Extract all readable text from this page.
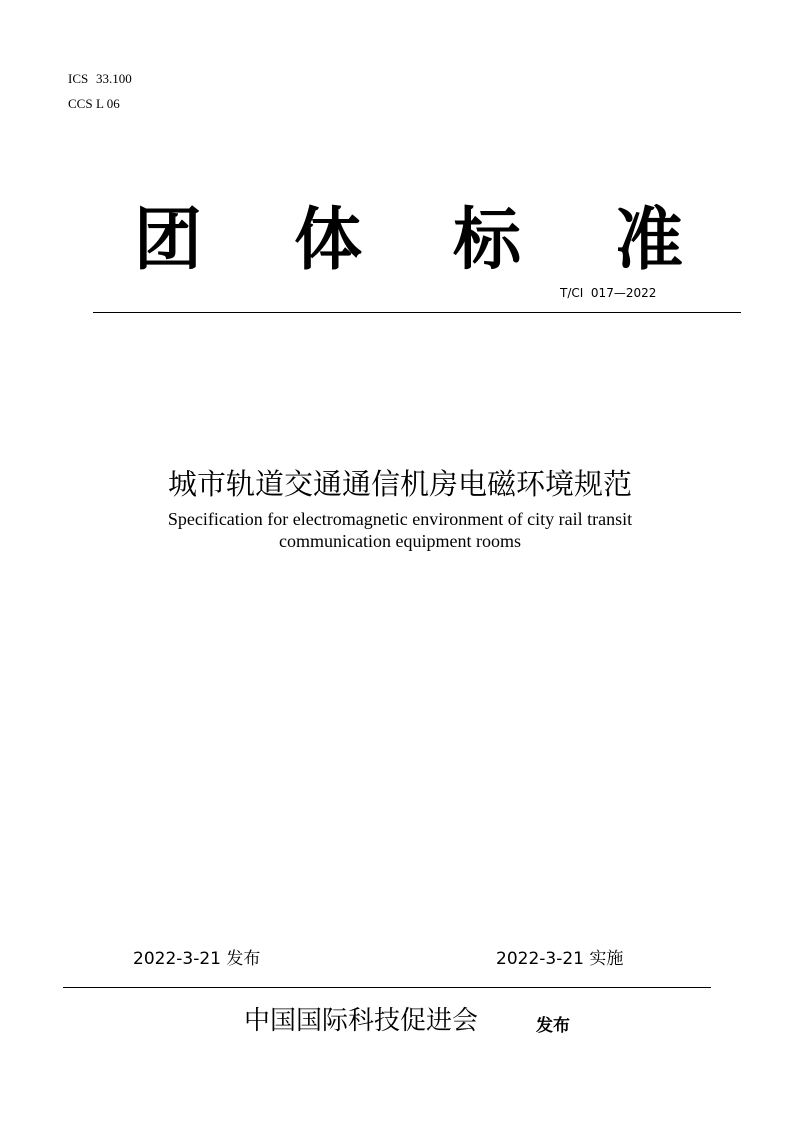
ICS 33.100
CCS L 06
团 体 标 准
T/CI  017—2022
城市轨道交通通信机房电磁环境规范
Specification for electromagnetic environment of city rail transit
communication equipment rooms
2022-3-21 发布	2022-3-21 实施
中国国际科技促进会	发布
